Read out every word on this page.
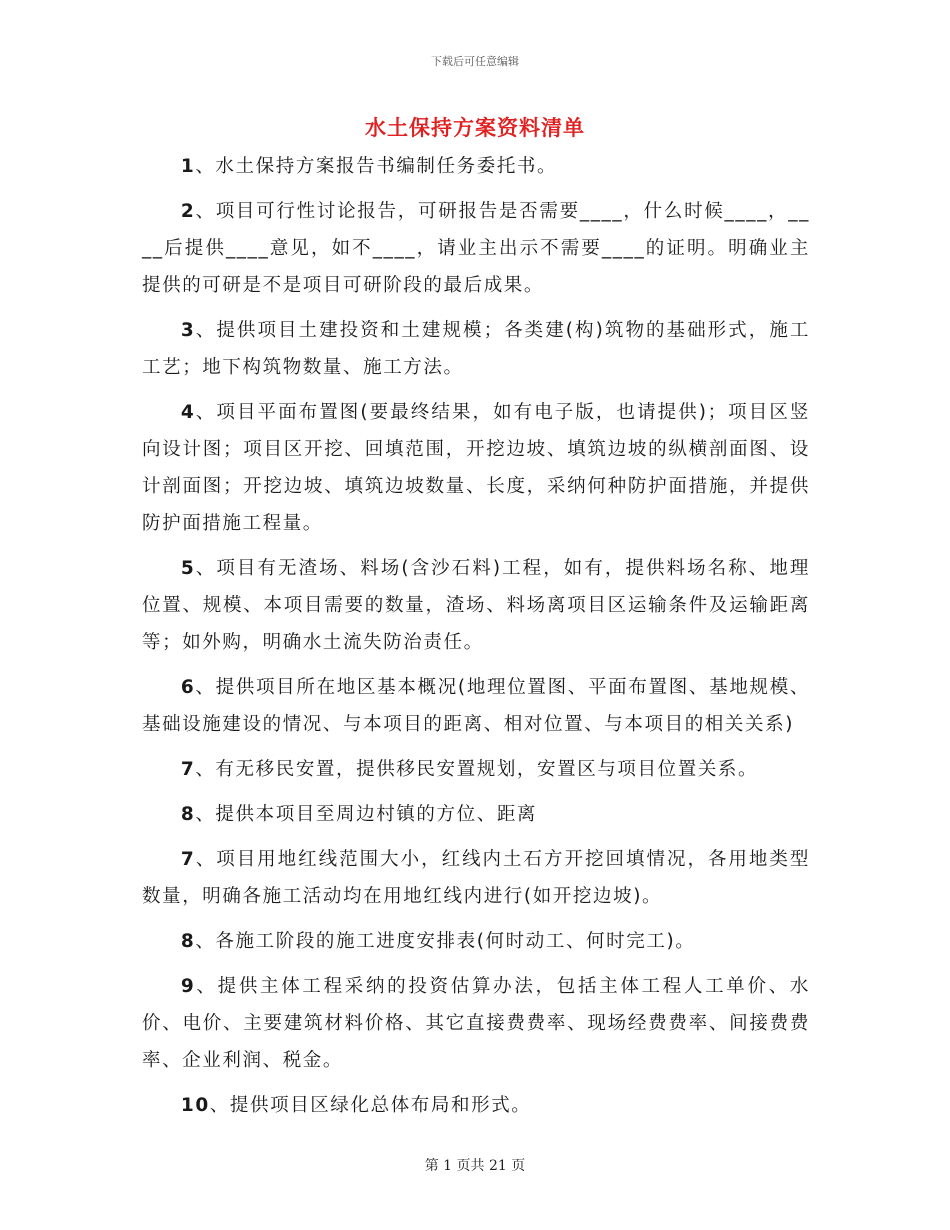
下载后可任意编辑
水土保持方案资料清单

1、水土保持方案报告书编制任务委托书。

2、项目可行性讨论报告，可研报告是否需要____，什么时候____，____后提供____意见，如不____，请业主出示不需要____的证明。明确业主提供的可研是不是项目可研阶段的最后成果。

3、提供项目土建投资和土建规模；各类建(构)筑物的基础形式，施工工艺；地下构筑物数量、施工方法。

4、项目平面布置图(要最终结果，如有电子版，也请提供)；项目区竖向设计图；项目区开挖、回填范围，开挖边坡、填筑边坡的纵横剖面图、设计剖面图；开挖边坡、填筑边坡数量、长度，采纳何种防护面措施，并提供防护面措施工程量。

5、项目有无渣场、料场(含沙石料)工程，如有，提供料场名称、地理位置、规模、本项目需要的数量，渣场、料场离项目区运输条件及运输距离等；如外购，明确水土流失防治责任。

6、提供项目所在地区基本概况(地理位置图、平面布置图、基地规模、基础设施建设的情况、与本项目的距离、相对位置、与本项目的相关关系)

7、有无移民安置，提供移民安置规划，安置区与项目位置关系。

8、提供本项目至周边村镇的方位、距离

7、项目用地红线范围大小，红线内土石方开挖回填情况，各用地类型数量，明确各施工活动均在用地红线内进行(如开挖边坡)。

8、各施工阶段的施工进度安排表(何时动工、何时完工)。

9、提供主体工程采纳的投资估算办法，包括主体工程人工单价、水价、电价、主要建筑材料价格、其它直接费费率、现场经费费率、间接费费率、企业利润、税金。

10、提供项目区绿化总体布局和形式。

第 1 页共 21 页
